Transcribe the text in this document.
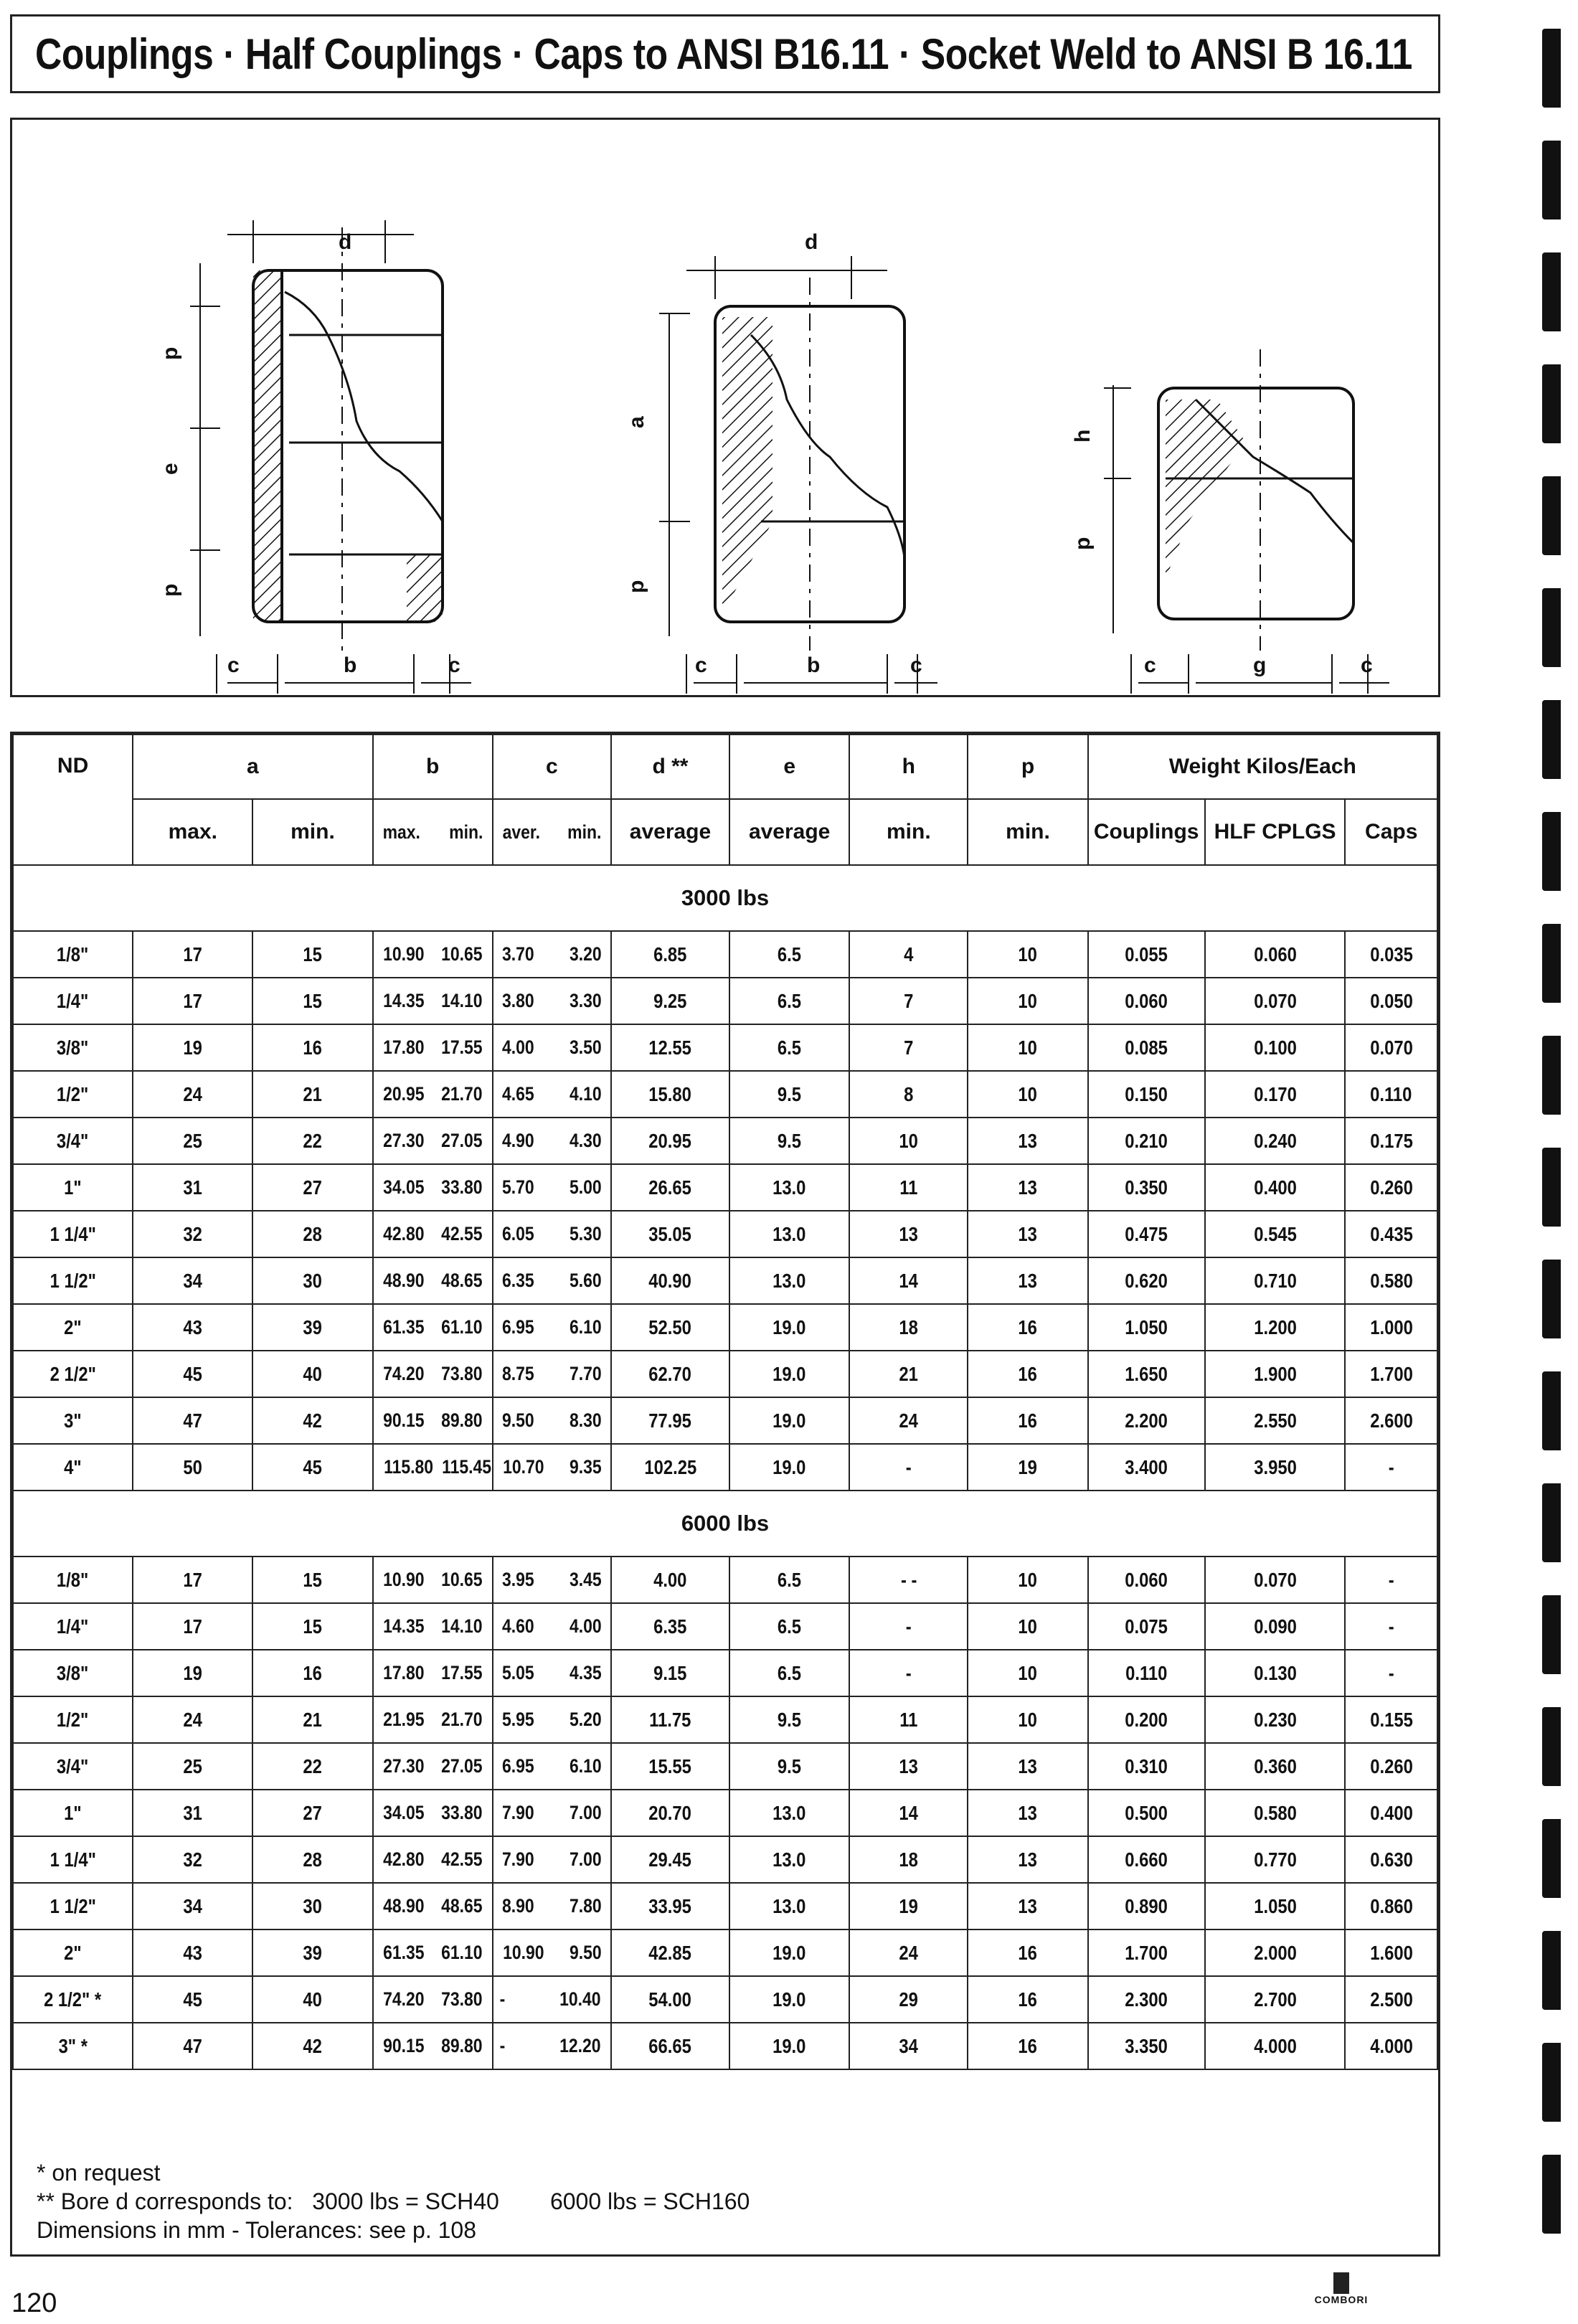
Couplings · Half Couplings · Caps to ANSI B16.11 · Socket Weld to ANSI B 16.11
d
p
e
p
c	b	c
d
a
p
c	b	c
h
p
c	g	c
ND	a		b	c	d **	e	h	p	Weight Kilos/Each		
	max.	min.	max. min.	aver. min.	average	average	min.	min.	Couplings	HLF CPLGS	Caps
3000 lbs											
1/8"	17	15	10.90 10.65	3.70 3.20	6.85	6.5	4	10	0.055	0.060	0.035
1/4"	17	15	14.35 14.10	3.80 3.30	9.25	6.5	7	10	0.060	0.070	0.050
3/8"	19	16	17.80 17.55	4.00 3.50	12.55	6.5	7	10	0.085	0.100	0.070
1/2"	24	21	20.95 21.70	4.65 4.10	15.80	9.5	8	10	0.150	0.170	0.110
3/4"	25	22	27.30 27.05	4.90 4.30	20.95	9.5	10	13	0.210	0.240	0.175
1"	31	27	34.05 33.80	5.70 5.00	26.65	13.0	11	13	0.350	0.400	0.260
1 1/4"	32	28	42.80 42.55	6.05 5.30	35.05	13.0	13	13	0.475	0.545	0.435
1 1/2"	34	30	48.90 48.65	6.35 5.60	40.90	13.0	14	13	0.620	0.710	0.580
2"	43	39	61.35 61.10	6.95 6.10	52.50	19.0	18	16	1.050	1.200	1.000
2 1/2"	45	40	74.20 73.80	8.75 7.70	62.70	19.0	21	16	1.650	1.900	1.700
3"	47	42	90.15 89.80	9.50 8.30	77.95	19.0	24	16	2.200	2.550	2.600
4"	50	45	115.80 115.45	10.70 9.35	102.25	19.0	-	19	3.400	3.950	-
6000 lbs											
1/8"	17	15	10.90 10.65	3.95 3.45	4.00	6.5	- -	10	0.060	0.070	-
1/4"	17	15	14.35 14.10	4.60 4.00	6.35	6.5	-	10	0.075	0.090	-
3/8"	19	16	17.80 17.55	5.05 4.35	9.15	6.5	-	10	0.110	0.130	-
1/2"	24	21	21.95 21.70	5.95 5.20	11.75	9.5	11	10	0.200	0.230	0.155
3/4"	25	22	27.30 27.05	6.95 6.10	15.55	9.5	13	13	0.310	0.360	0.260
1"	31	27	34.05 33.80	7.90 7.00	20.70	13.0	14	13	0.500	0.580	0.400
1 1/4"	32	28	42.80 42.55	7.90 7.00	29.45	13.0	18	13	0.660	0.770	0.630
1 1/2"	34	30	48.90 48.65	8.90 7.80	33.95	13.0	19	13	0.890	1.050	0.860
2"	43	39	61.35 61.10	10.90 9.50	42.85	19.0	24	16	1.700	2.000	1.600
2 1/2" *	45	40	74.20 73.80	- 10.40	54.00	19.0	29	16	2.300	2.700	2.500
3" *	47	42	90.15 89.80	- 12.20	66.65	19.0	34	16	3.350	4.000	4.000
* on request
** Bore d corresponds to:   3000 lbs = SCH40        6000 lbs = SCH160
Dimensions in mm - Tolerances: see p. 108
120	COMBORI
